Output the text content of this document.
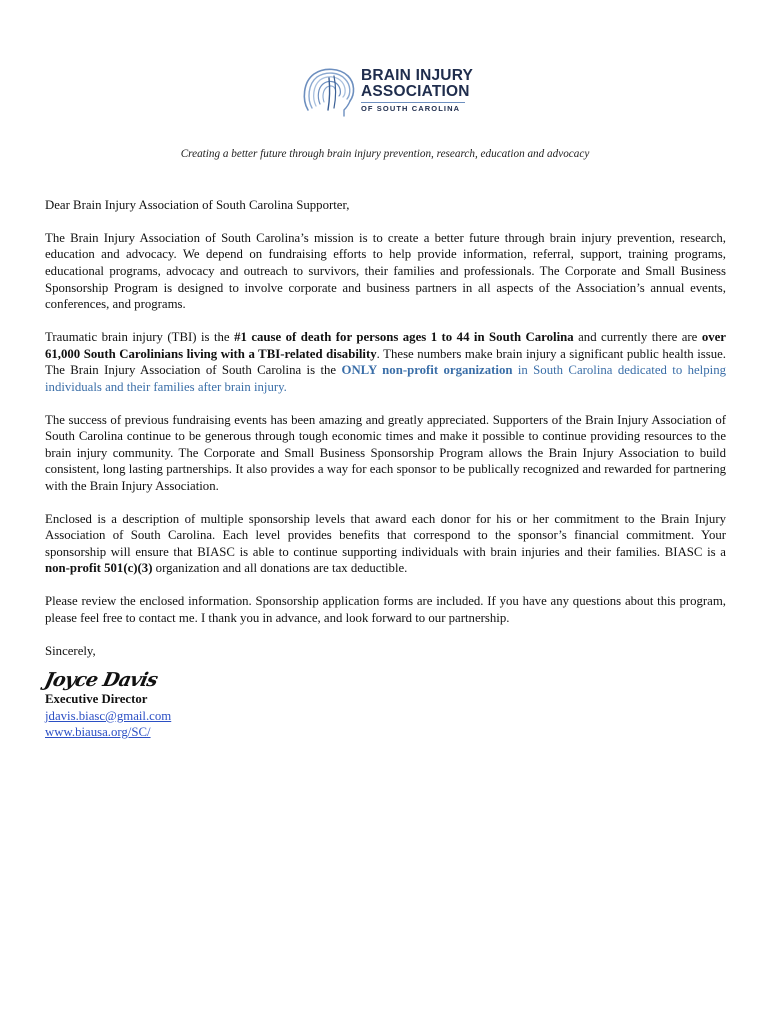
BRAIN INJURY
ASSOCIATION
OF SOUTH CAROLINA
Creating a better future through brain injury prevention, research, education and advocacy

Dear Brain Injury Association of South Carolina Supporter,

The Brain Injury Association of South Carolina’s mission is to create a better future through brain injury prevention, research, education and advocacy. We depend on fundraising efforts to help provide information, referral, support, training programs, educational programs, advocacy and outreach to survivors, their families and professionals. The Corporate and Small Business Sponsorship Program is designed to involve corporate and business partners in all aspects of the Association’s annual events, conferences, and programs.

Traumatic brain injury (TBI) is the #1 cause of death for persons ages 1 to 44 in South Carolina and currently there are over 61,000 South Carolinians living with a TBI-related disability. These numbers make brain injury a significant public health issue. The Brain Injury Association of South Carolina is the ONLY non-profit organization in South Carolina dedicated to helping individuals and their families after brain injury.

The success of previous fundraising events has been amazing and greatly appreciated. Supporters of the Brain Injury Association of South Carolina continue to be generous through tough economic times and make it possible to continue providing resources to the brain injury community. The Corporate and Small Business Sponsorship Program allows the Brain Injury Association to build consistent, long lasting partnerships. It also provides a way for each sponsor to be publically recognized and rewarded for partnering with the Brain Injury Association.

Enclosed is a description of multiple sponsorship levels that award each donor for his or her commitment to the Brain Injury Association of South Carolina. Each level provides benefits that correspond to the sponsor’s financial commitment. Your sponsorship will ensure that BIASC is able to continue supporting individuals with brain injuries and their families. BIASC is a non-profit 501(c)(3) organization and all donations are tax deductible.

Please review the enclosed information. Sponsorship application forms are included. If you have any questions about this program, please feel free to contact me. I thank you in advance, and look forward to our partnership.

Sincerely,

Joyce Davis
Executive Director
jdavis.biasc@gmail.com
www.biausa.org/SC/
